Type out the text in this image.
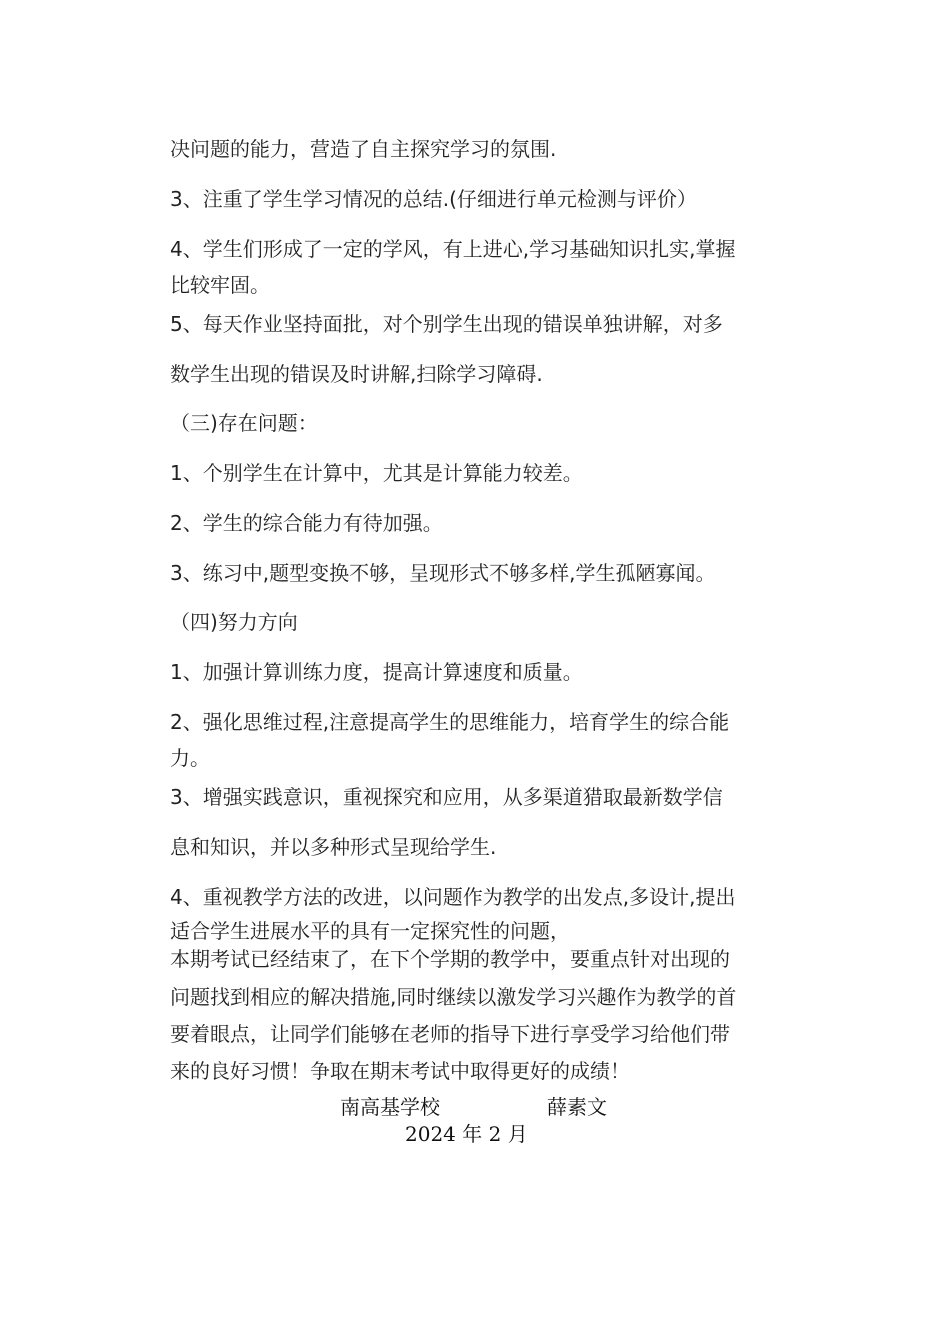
决问题的能力，营造了自主探究学习的氛围.
3、注重了学生学习情况的总结.(仔细进行单元检测与评价）
4、学生们形成了一定的学风，有上进心,学习基础知识扎实,掌握
比较牢固。
5、每天作业坚持面批，对个别学生出现的错误单独讲解，对多
数学生出现的错误及时讲解,扫除学习障碍.
（三)存在问题：
1、个别学生在计算中，尤其是计算能力较差。
2、学生的综合能力有待加强。
3、练习中,题型变换不够，呈现形式不够多样,学生孤陋寡闻。
（四)努力方向
1、加强计算训练力度，提高计算速度和质量。
2、强化思维过程,注意提高学生的思维能力，培育学生的综合能
力。
3、增强实践意识，重视探究和应用，从多渠道猎取最新数学信
息和知识，并以多种形式呈现给学生.
4、重视教学方法的改进，以问题作为教学的出发点,多设计,提出
适合学生进展水平的具有一定探究性的问题，
本期考试已经结束了，在下个学期的教学中，要重点针对出现的
问题找到相应的解决措施,同时继续以激发学习兴趣作为教学的首
要着眼点，让同学们能够在老师的指导下进行享受学习给他们带
来的良好习惯！争取在期末考试中取得更好的成绩！
南高基学校	薛素文
2024 年 2 月
